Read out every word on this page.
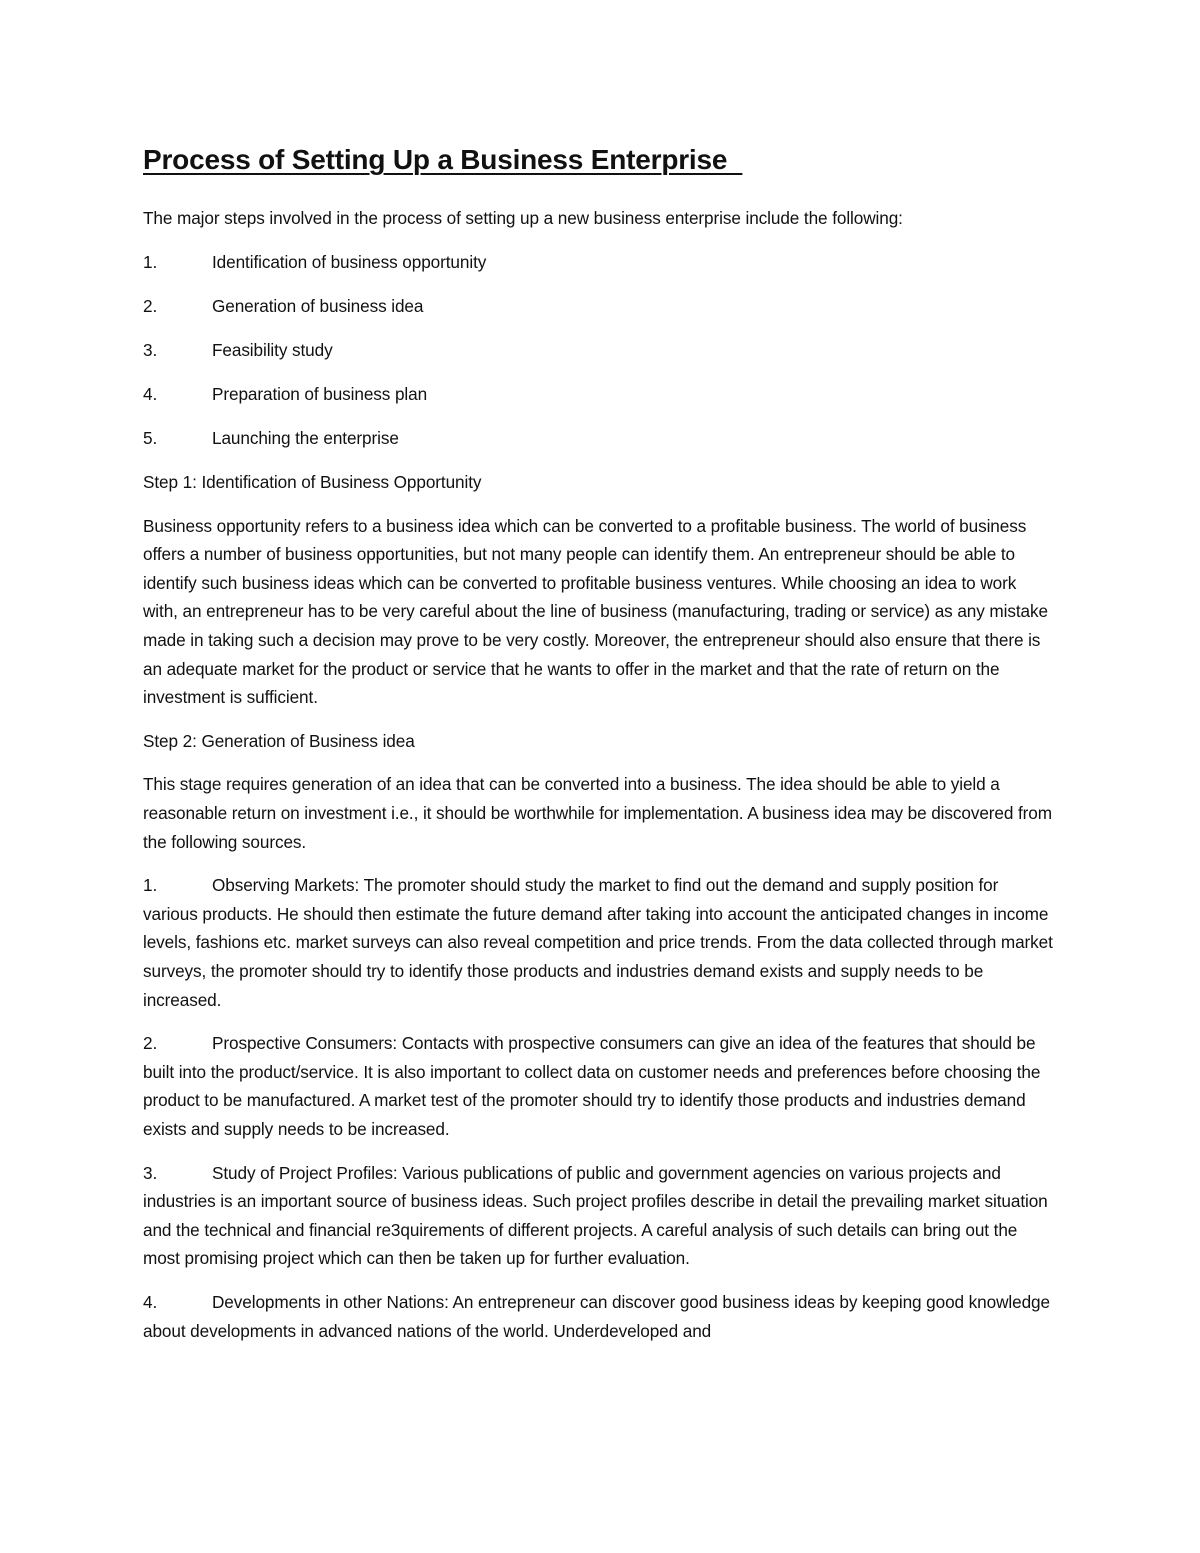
Process of Setting Up a Business Enterprise

The major steps involved in the process of setting up a new business enterprise include the following:

1.	Identification of business opportunity
2.	Generation of business idea
3.	Feasibility study
4.	Preparation of business plan
5.	Launching the enterprise

Step 1: Identification of Business Opportunity

Business opportunity refers to a business idea which can be converted to a profitable business. The world of business offers a number of business opportunities, but not many people can identify them. An entrepreneur should be able to identify such business ideas which can be converted to profitable business ventures. While choosing an idea to work with, an entrepreneur has to be very careful about the line of business (manufacturing, trading or service) as any mistake made in taking such a decision may prove to be very costly. Moreover, the entrepreneur should also ensure that there is an adequate market for the product or service that he wants to offer in the market and that the rate of return on the investment is sufficient.

Step 2: Generation of Business idea

This stage requires generation of an idea that can be converted into a business. The idea should be able to yield a reasonable return on investment i.e., it should be worthwhile for implementation. A business idea may be discovered from the following sources.

1.	Observing Markets: The promoter should study the market to find out the demand and supply position for various products. He should then estimate the future demand after taking into account the anticipated changes in income levels, fashions etc. market surveys can also reveal competition and price trends. From the data collected through market surveys, the promoter should try to identify those products and industries demand exists and supply needs to be increased.

2.	Prospective Consumers: Contacts with prospective consumers can give an idea of the features that should be built into the product/service. It is also important to collect data on customer needs and preferences before choosing the product to be manufactured. A market test of the promoter should try to identify those products and industries demand exists and supply needs to be increased.

3.	Study of Project Profiles: Various publications of public and government agencies on various projects and industries is an important source of business ideas. Such project profiles describe in detail the prevailing market situation and the technical and financial re3quirements of different projects. A careful analysis of such details can bring out the most promising project which can then be taken up for further evaluation.

4.	Developments in other Nations: An entrepreneur can discover good business ideas by keeping good knowledge about developments in advanced nations of the world. Underdeveloped and
